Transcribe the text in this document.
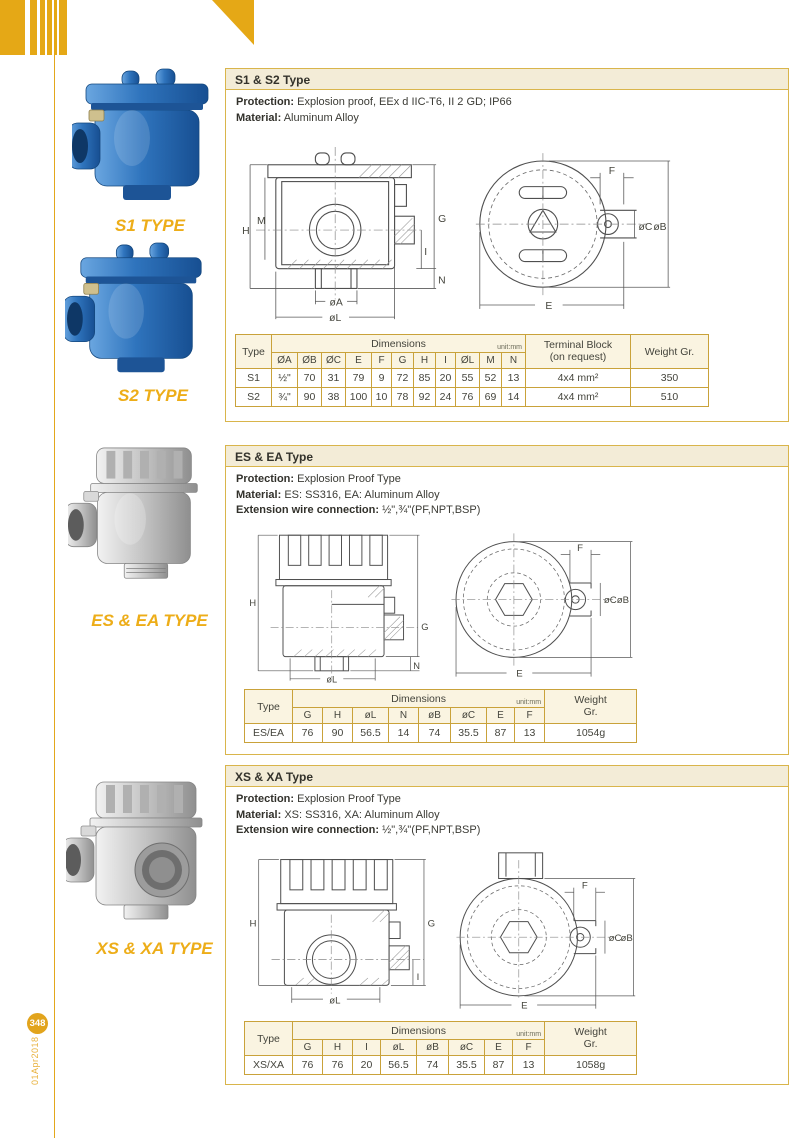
348
01Apr2018
S1 TYPE
S2 TYPE
ES & EA TYPE
XS & XA TYPE
S1 & S2 Type
Protection: Explosion proof, EEx d IIC-T6, II 2 GD; IP66
Material: Aluminum Alloy
H
M	G
I
N
øA
øL
F
øC øB
E
Type	Dimensions	unit:mm	Terminal Block
(on request)	Weight Gr.
	ØA	ØB	ØC	E	F	G	H	I	ØL	M	N		
S1	½"	70	31	79	9	72	85	20	55	52	13	4x4 mm²	350
S2	¾"	90	38	100	10	78	92	24	76	69	14	4x4 mm²	510
ES & EA Type
Protection: Explosion Proof Type
Material: ES: SS316, EA: Aluminum Alloy
Extension wire connection: ½",¾"(PF,NPT,BSP)
H
G
N
øL
F
øC øB
E
Type	Dimensions	unit:mm	Weight
Gr.

	G	H	øL	N	øB	øC	E	F	
ES/EA	76	90	56.5	14	74	35.5	87	13	1054g
XS & XA Type
Protection: Explosion Proof Type
Material: XS: SS316, XA: Aluminum Alloy
Extension wire connection: ½",¾"(PF,NPT,BSP)
H	G
I
øL
F
øC øB
E
Type	Dimensions	unit:mm	Weight
Gr.

	G	H	I	øL	øB	øC	E	F	
XS/XA	76	76	20	56.5	74	35.5	87	13	1058g
